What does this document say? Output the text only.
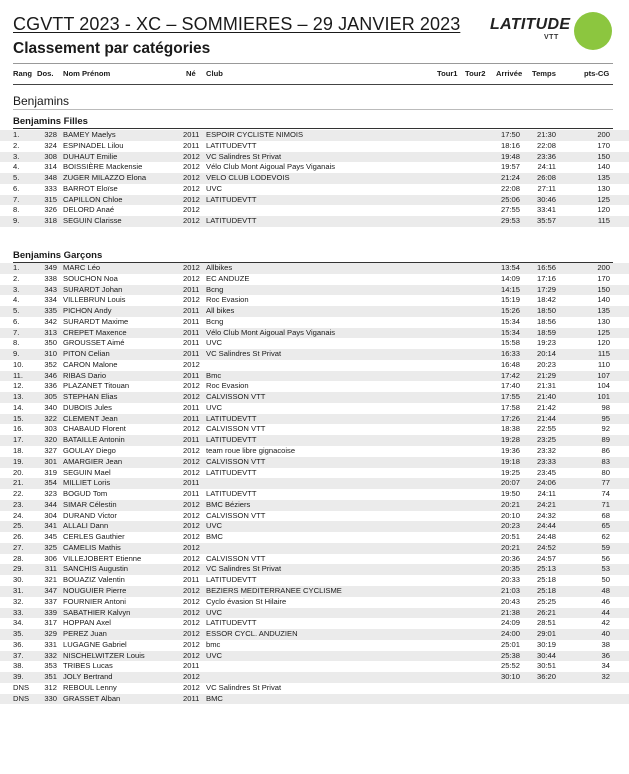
CGVTT 2023 - XC – SOMMIERES – 29 JANVIER 2023
Classement par catégories
LATITUDE
VTT
Rang Dos. Nom Prénom	Né Club	Tour1 Tour2 Arrivée Temps	pts-CG
Benjamins
Benjamins Filles
1.	328 BAMEY Maelys	2011 ESPOIR CYCLISTE NIMOIS	17:50	21:30	200
2.	324 ESPINADEL Lilou	2011 LATITUDEVTT	18:16	22:08	170
3.	308 DUHAUT Emilie	2012 VC Salindres St Privat	19:48	23:36	150
4.	314 BOISSIÈRE Mackensie	2012 Vélo Club Mont Aigoual Pays Viganais	19:57	24:11	140
5.	348 ZUGER MILAZZO Elona	2012 VELO CLUB LODEVOIS	21:24	26:08	135
6.	333 BARROT Eloïse	2012 UVC	22:08	27:11	130
7.	315 CAPILLON Chloe	2012 LATITUDEVTT	25:06	30:46	125
8.	326 DELORD Anaé	2012	27:55	33:41	120
9.	318 SEGUIN Clarisse	2012 LATITUDEVTT	29:53	35:57	115
Benjamins Garçons
1.	349 MARC Léo	2012 Allbikes	13:54	16:56	200
2.	338 SOUCHON Noa	2012 EC ANDUZE	14:09	17:16	170
3.	343 SURARDT Johan	2011 Bcng	14:15	17:29	150
4.	334 VILLEBRUN Louis	2012 Roc Evasion	15:19	18:42	140
5.	335 PICHON Andy	2011 All bikes	15:26	18:50	135
6.	342 SURARDT Maxime	2011 Bcng	15:34	18:56	130
7.	313 CREPET Maxence	2011 Vélo Club Mont Aigoual Pays Viganais	15:34	18:59	125
8.	350 GROUSSET Aimé	2011 UVC	15:58	19:23	120
9.	310 PITON Celian	2011 VC Salindres St Privat	16:33	20:14	115
10.	352 CARON Malone	2012	16:48	20:23	110
11.	346 RIBAS Dario	2011 Bmc	17:42	21:29	107
12.	336 PLAZANET Titouan	2012 Roc Evasion	17:40	21:31	104
13.	305 STEPHAN Elias	2012 CALVISSON VTT	17:55	21:40	101
14.	340 DUBOIS Jules	2011 UVC	17:58	21:42	98
15.	322 CLEMENT Jean	2011 LATITUDEVTT	17:26	21:44	95
16.	303 CHABAUD Florent	2012 CALVISSON VTT	18:38	22:55	92
17.	320 BATAILLE Antonin	2011 LATITUDEVTT	19:28	23:25	89
18.	327 GOULAY Diego	2012 team roue libre gignacoise	19:36	23:32	86
19.	301 AMARGIER Jean	2012 CALVISSON VTT	19:18	23:33	83
20.	319 SEGUIN Mael	2012 LATITUDEVTT	19:25	23:45	80
21.	354 MILLIET Loris	2011	20:07	24:06	77
22.	323 BOGUD Tom	2011 LATITUDEVTT	19:50	24:11	74
23.	344 SIMAR Célestin	2012 BMC Béziers	20:21	24:21	71
24.	304 DURAND Victor	2012 CALVISSON VTT	20:10	24:32	68
25.	341 ALLALI Dann	2012 UVC	20:23	24:44	65
26.	345 CERLES Gauthier	2012 BMC	20:51	24:48	62
27.	325 CAMELIS Mathis	2012	20:21	24:52	59
28.	306 VILLEJOBERT Etienne	2012 CALVISSON VTT	20:36	24:57	56
29.	311 SANCHIS Augustin	2012 VC Salindres St Privat	20:35	25:13	53
30.	321 BOUAZIZ Valentin	2011 LATITUDEVTT	20:33	25:18	50
31.	347 NOUGUIER Pierre	2012 BEZIERS MEDITERRANEE CYCLISME	21:03	25:18	48
32.	337 FOURNIER Antoni	2012 Cyclo évasion St Hilaire	20:43	25:25	46
33.	339 SABATHIER Kalvyn	2012 UVC	21:38	26:21	44
34.	317 HOPPAN Axel	2012 LATITUDEVTT	24:09	28:51	42
35.	329 PEREZ Juan	2012 ESSOR CYCL. ANDUZIEN	24:00	29:01	40
36.	331 LUGAGNE Gabriel	2012 bmc	25:01	30:19	38
37.	332 NISCHELWITZER Louis	2012 UVC	25:38	30:44	36
38.	353 TRIBES Lucas	2011	25:52	30:51	34
39.	351 JOLY Bertrand	2012	30:10	36:20	32
DNS	312 REBOUL Lenny	2012 VC Salindres St Privat
DNS	330 GRASSET Alban	2011 BMC
